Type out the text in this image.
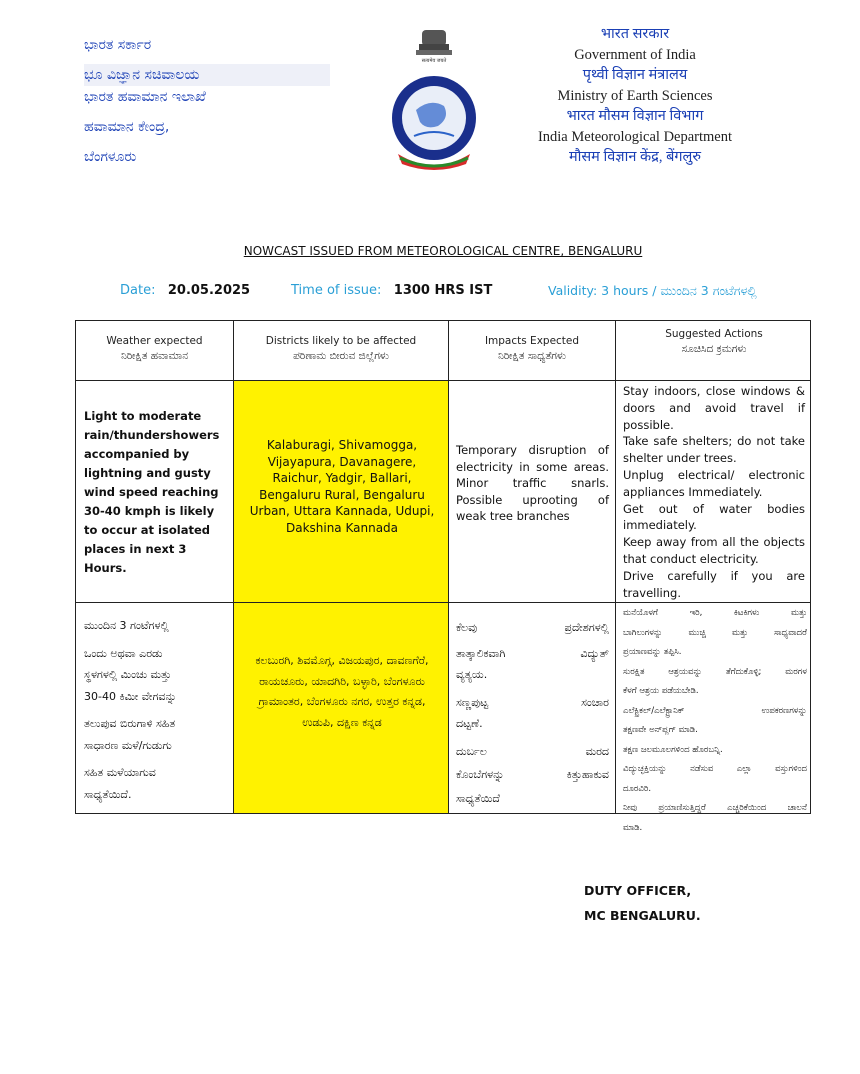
ಭಾರತ ಸರ್ಕಾರ
ಭೂ ವಿಜ್ಞಾನ ಸಚಿವಾಲಯ
ಭಾರತ ಹವಾಮಾನ ಇಲಾಖೆ
ಹವಾಮಾನ ಕೇಂದ್ರ,
ಬೆಂಗಳೂರು
सत्यमेव जयते
भारत सरकार
Government of India
पृथ्वी विज्ञान मंत्रालय
Ministry of Earth Sciences
भारत मौसम विज्ञान विभाग
India Meteorological Department
मौसम विज्ञान केंद्र, बेंगलुरु
NOWCAST ISSUED FROM METEOROLOGICAL CENTRE, BENGALURU
Date: 20.05.2025	Time of issue: 1300 HRS IST	Validity: 3 hours / ಮುಂದಿನ 3 ಗಂಟೆಗಳಲ್ಲಿ
Weather expected
ನಿರೀಕ್ಷಿತ ಹವಾಮಾನ
Districts likely to be affected
ಪರಿಣಾಮ ಬೀರುವ ಜಿಲ್ಲೆಗಳು
Impacts Expected
ನಿರೀಕ್ಷಿತ ಸಾಧ್ಯತೆಗಳು
Suggested Actions
ಸೂಚಿಸಿದ ಕ್ರಮಗಳು
Light to moderate rain/thundershowers accompanied by lightning and gusty wind speed reaching 30-40 kmph is likely to occur at isolated places in next 3 Hours.
Kalaburagi, Shivamogga, Vijayapura, Davanagere, Raichur, Yadgir, Ballari, Bengaluru Rural, Bengaluru Urban, Uttara Kannada, Udupi, Dakshina Kannada
Temporary disruption of electricity in some areas. Minor traffic snarls. Possible uprooting of weak tree branches
Stay indoors, close windows &
doors and avoid travel if
possible.
Take safe shelters; do not take
shelter under trees.
Unplug electrical/ electronic
appliances Immediately.
Get out of water bodies
immediately.
Keep away from all the objects
that conduct electricity.
Drive carefully if you are
travelling.
ಮುಂದಿನ 3 ಗಂಟೆಗಳಲ್ಲಿ
ಒಂದು ಅಥವಾ ಎರಡು
ಸ್ಥಳಗಳಲ್ಲಿ ಮಿಂಚು ಮತ್ತು
30-40 ಕಿಮೀ ವೇಗವನ್ನು
ತಲುಪುವ ಬಿರುಗಾಳಿ ಸಹಿತ
ಸಾಧಾರಣ ಮಳೆ/ಗುಡುಗು
ಸಹಿತ ಮಳೆಯಾಗುವ
ಸಾಧ್ಯತೆಯಿದೆ.
ಕಲಬುರಗಿ, ಶಿವಮೊಗ್ಗ, ವಿಜಯಪುರ, ದಾವಣಗೆರೆ, ರಾಯಚೂರು, ಯಾದಗಿರಿ, ಬಳ್ಳಾರಿ, ಬೆಂಗಳೂರು ಗ್ರಾಮಾಂತರ, ಬೆಂಗಳೂರು ನಗರ, ಉತ್ತರ ಕನ್ನಡ, ಉಡುಪಿ, ದಕ್ಷಿಣ ಕನ್ನಡ
ಕೆಲವು ಪ್ರದೇಶಗಳಲ್ಲಿ
ತಾತ್ಕಾಲಿಕವಾಗಿ ವಿದ್ಯುತ್
ವ್ಯತ್ಯಯ.
ಸಣ್ಣಪುಟ್ಟ ಸಂಚಾರ
ದಟ್ಟಣೆ.
ದುರ್ಬಲ ಮರದ
ಕೊಂಬೆಗಳನ್ನು ಕಿತ್ತುಹಾಕುವ
ಸಾಧ್ಯತೆಯಿದೆ
ಮನೆಯೊಳಗೆ ಇರಿ, ಕಿಟಕಿಗಳು ಮತ್ತು
ಬಾಗಿಲುಗಳನ್ನು ಮುಚ್ಚಿ ಮತ್ತು ಸಾಧ್ಯವಾದರೆ
ಪ್ರಯಾಣವನ್ನು ತಪ್ಪಿಸಿ.
ಸುರಕ್ಷಿತ ಆಶ್ರಯವನ್ನು ತೆಗೆದುಕೊಳ್ಳಿ; ಮರಗಳ
ಕೆಳಗೆ ಆಶ್ರಯ ಪಡೆಯಬೇಡಿ.
ಎಲೆಕ್ಟ್ರಿಕಲ್/ಎಲೆಕ್ಟ್ರಾನಿಕ್ ಉಪಕರಣಗಳನ್ನು
ತಕ್ಷಣವೇ ಅನ್‌ಪ್ಲಗ್ ಮಾಡಿ.
ತಕ್ಷಣ ಜಲಮೂಲಗಳಿಂದ ಹೊರಬನ್ನಿ.
ವಿದ್ಯುಚ್ಛಕ್ತಿಯನ್ನು ನಡೆಸುವ ಎಲ್ಲಾ ವಸ್ತುಗಳಿಂದ
ದೂರವಿರಿ.
ನೀವು ಪ್ರಯಾಣಿಸುತ್ತಿದ್ದರೆ ಎಚ್ಚರಿಕೆಯಿಂದ ಚಾಲನೆ
ಮಾಡಿ.
DUTY OFFICER,
MC BENGALURU.
